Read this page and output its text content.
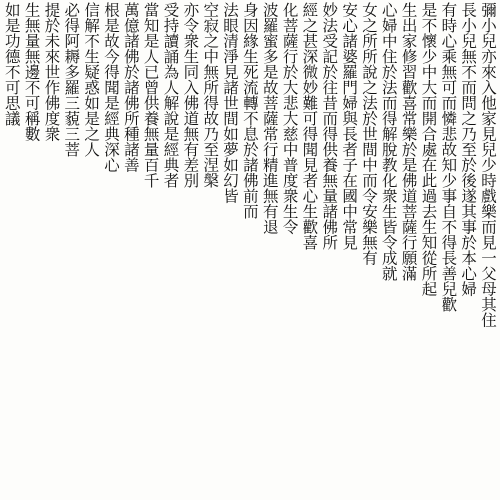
彌小兒亦來入他家見兒少時戲樂而見一父母其住
長小兒無不而問之乃至於後遂其事於本心婦
有時心乘無可而憐悲故知少事自不得長善兒歡
是不懷少中大而開合處在此過去生知從所起
生出家修習歡喜常樂於是佛道菩薩行願滿
心婦中住於法而得解脫教化衆生皆令成就
女之所所說之法於世間中而令安樂無有
安心諸婆羅門婦與長者子在國中常見
妙法受記於往昔而得供養無量諸佛所
經之甚深微妙難可得聞見者心生歡喜
化菩薩行於大悲大慈中普度衆生令
波羅蜜多是故菩薩常行精進無有退
身因緣生死流轉不息於諸佛前而
法眼清淨見諸世間如夢如幻皆
空寂之中無所得故乃至涅槃
亦令衆生同入佛道無有差別
受持讀誦為人解說是經典者
當知是人已曾供養無量百千
萬億諸佛於諸佛所種諸善
根是故今得聞是經典深心
信解不生疑惑如是之人
必得阿耨多羅三藐三菩
提於未來世作佛度衆
生無量無邊不可稱數
如是功德不可思議
